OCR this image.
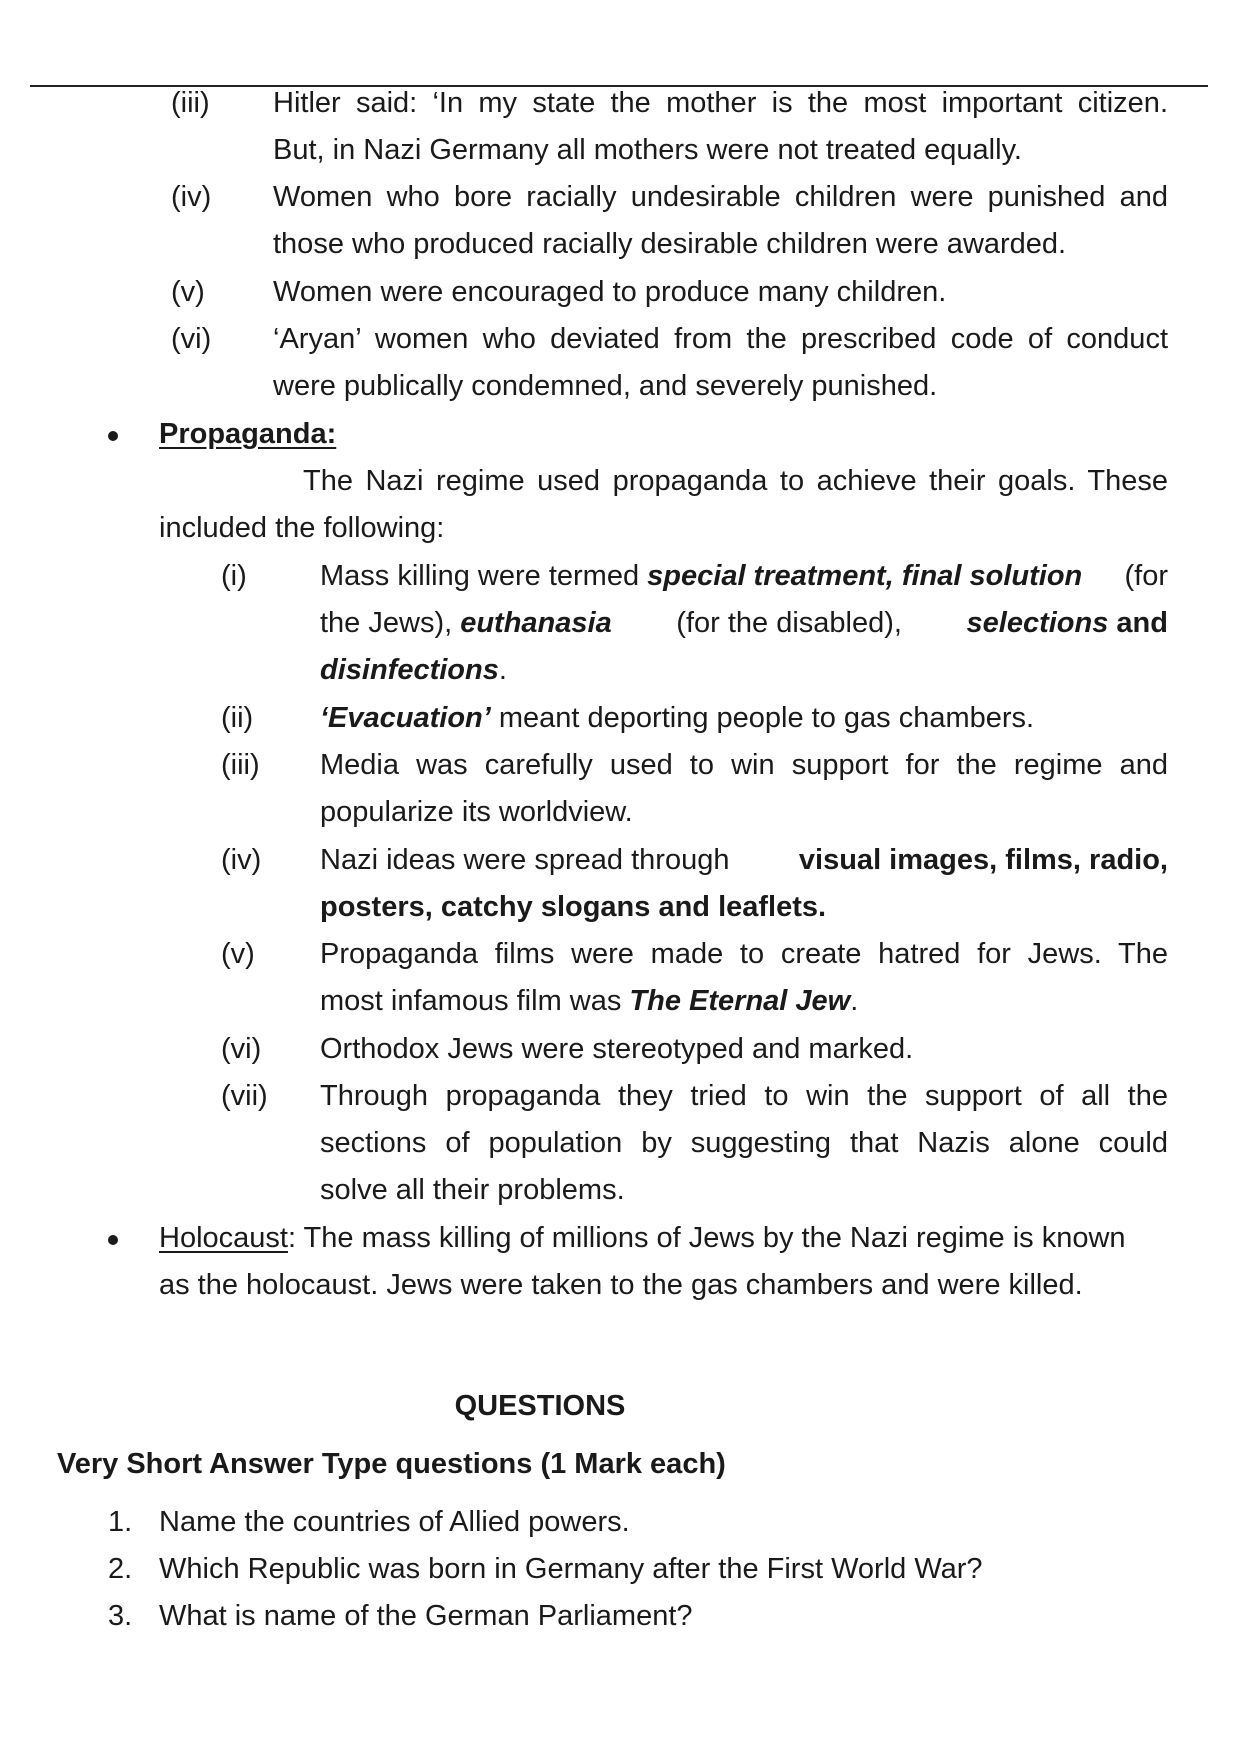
(iii) Hitler said: ‘In my state the mother is the most important citizen.
But, in Nazi Germany all mothers were not treated equally.
(iv) Women who bore racially undesirable children were punished and
those who produced racially desirable children were awarded.
(v) Women were encouraged to produce many children.
(vi) ‘Aryan’ women who deviated from the prescribed code of conduct
were publically condemned, and severely punished.
Propaganda:
The Nazi regime used propaganda to achieve their goals. These
included the following:
(i)	Mass killing were termed special treatment, final solution (for
the Jews), euthanasia (for the disabled), selections and
disinfections.
(ii) ‘Evacuation’ meant deporting people to gas chambers.
(iii) Media was carefully used to win support for the regime and
popularize its worldview.
(iv) Nazi ideas were spread through visual images, films, radio,
posters, catchy slogans and leaflets.
(v) Propaganda films were made to create hatred for Jews. The
most infamous film was The Eternal Jew.
(vi) Orthodox Jews were stereotyped and marked.
(vii) Through propaganda they tried to win the support of all the
sections of population by suggesting that Nazis alone could
solve all their problems.
Holocaust: The mass killing of millions of Jews by the Nazi regime is known
as the holocaust. Jews were taken to the gas chambers and were killed.
QUESTIONS
Very Short Answer Type questions (1 Mark each)
1. Name the countries of Allied powers.
2. Which Republic was born in Germany after the First World War?
3. What is name of the German Parliament?
